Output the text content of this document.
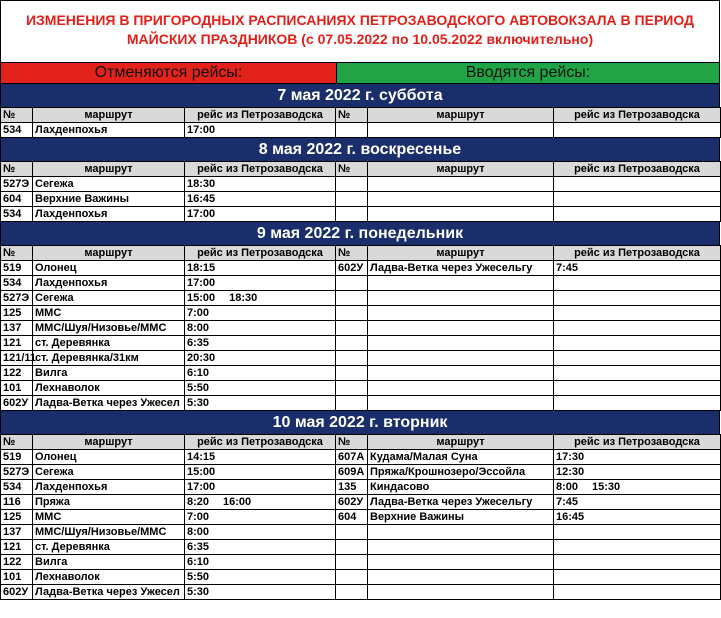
ИЗМЕНЕНИЯ В ПРИГОРОДНЫХ РАСПИСАНИЯХ ПЕТРОЗАВОДСКОГО АВТОВОКЗАЛА В ПЕРИОД
МАЙСКИХ ПРАЗДНИКОВ (с 07.05.2022 по 10.05.2022 включительно)
Отменяются рейсы:	Вводятся рейсы:
7 мая 2022 г. суббота
№	маршрут	рейс из Петрозаводска	№	маршрут	рейс из Петрозаводска
534	Лахденпохья	17:00			
8 мая 2022 г. воскресенье
№	маршрут	рейс из Петрозаводска	№	маршрут	рейс из Петрозаводска
527Э	Сегежа	18:30			
604	Верхние Важины	16:45			
534	Лахденпохья	17:00			
9 мая 2022 г. понедельник
№	маршрут	рейс из Петрозаводска	№	маршрут	рейс из Петрозаводска
519	Олонец	18:15	602У	Ладва-Ветка через Ужесельгу	7:45
534	Лахденпохья	17:00			
527Э	Сегежа	15:00 18:30			
125	ММС	7:00			
137	ММС/Шуя/Низовье/ММС	8:00			
121	ст. Деревянка	6:35			
121/11	ст. Деревянка/31км	20:30			
122	Вилга	6:10			
101	Лехнаволок	5:50			
602У	Ладва-Ветка через Ужесел	5:30			
10 мая 2022 г. вторник
№	маршрут	рейс из Петрозаводска	№	маршрут	рейс из Петрозаводска
519	Олонец	14:15	607А	Кудама/Малая Суна	17:30
527Э	Сегежа	15:00	609А	Пряжа/Крошнозеро/Эссойла	12:30
534	Лахденпохья	17:00	135	Киндасово	8:00 15:30
116	Пряжа	8:20 16:00	602У	Ладва-Ветка через Ужесельгу	7:45
125	ММС	7:00	604	Верхние Важины	16:45
137	ММС/Шуя/Низовье/ММС	8:00			
121	ст. Деревянка	6:35			
122	Вилга	6:10			
101	Лехнаволок	5:50			
602У	Ладва-Ветка через Ужесел	5:30			
